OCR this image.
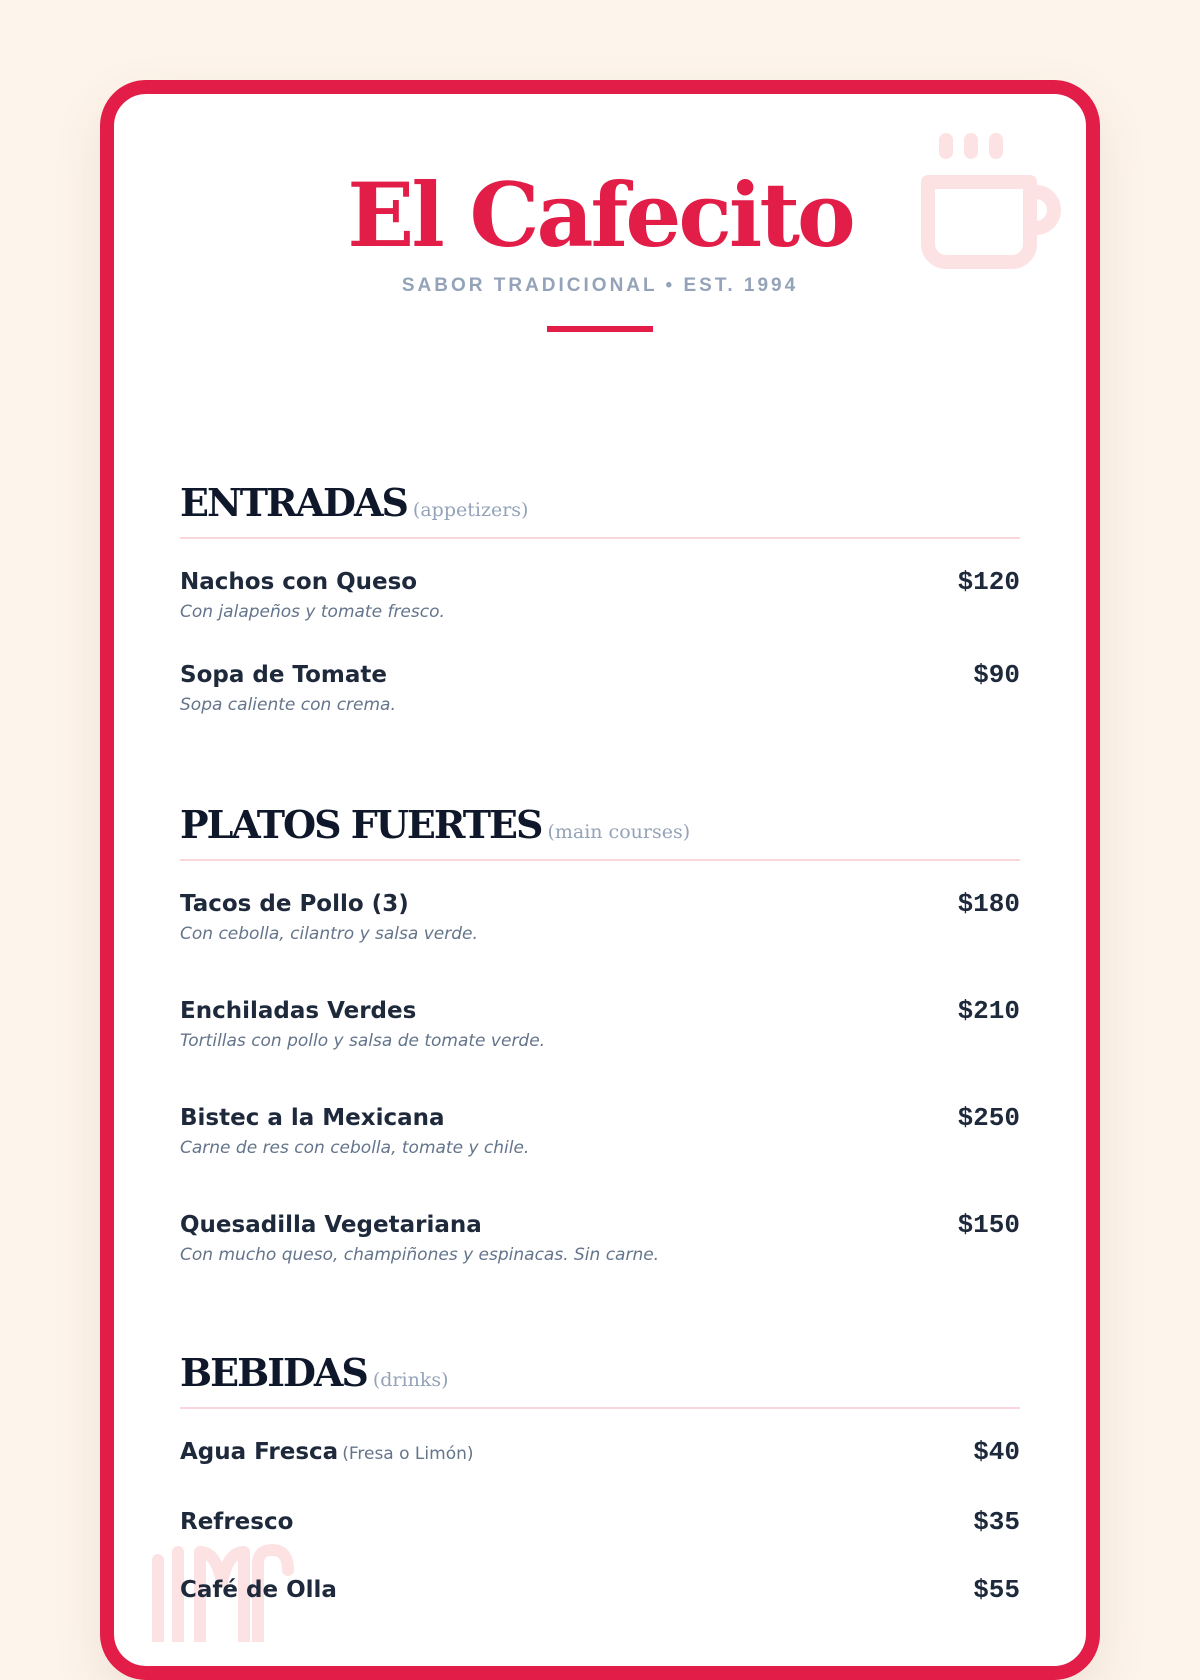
El Cafecito
SABOR TRADICIONAL • EST. 1994
ENTRADAS (appetizers)
Nachos con Queso
Con jalapeños y tomate fresco.
$120
Sopa de Tomate
Sopa caliente con crema.
$90
PLATOS FUERTES (main courses)
Tacos de Pollo (3)
Con cebolla, cilantro y salsa verde.
$180
Enchiladas Verdes
Tortillas con pollo y salsa de tomate verde.
$210
Bistec a la Mexicana
Carne de res con cebolla, tomate y chile.
$250
Quesadilla Vegetariana
Con mucho queso, champiñones y espinacas. Sin carne.
$150
BEBIDAS (drinks)
Agua Fresca (Fresa o Limón)	$40
Refresco	$35
Café de Olla	$55
